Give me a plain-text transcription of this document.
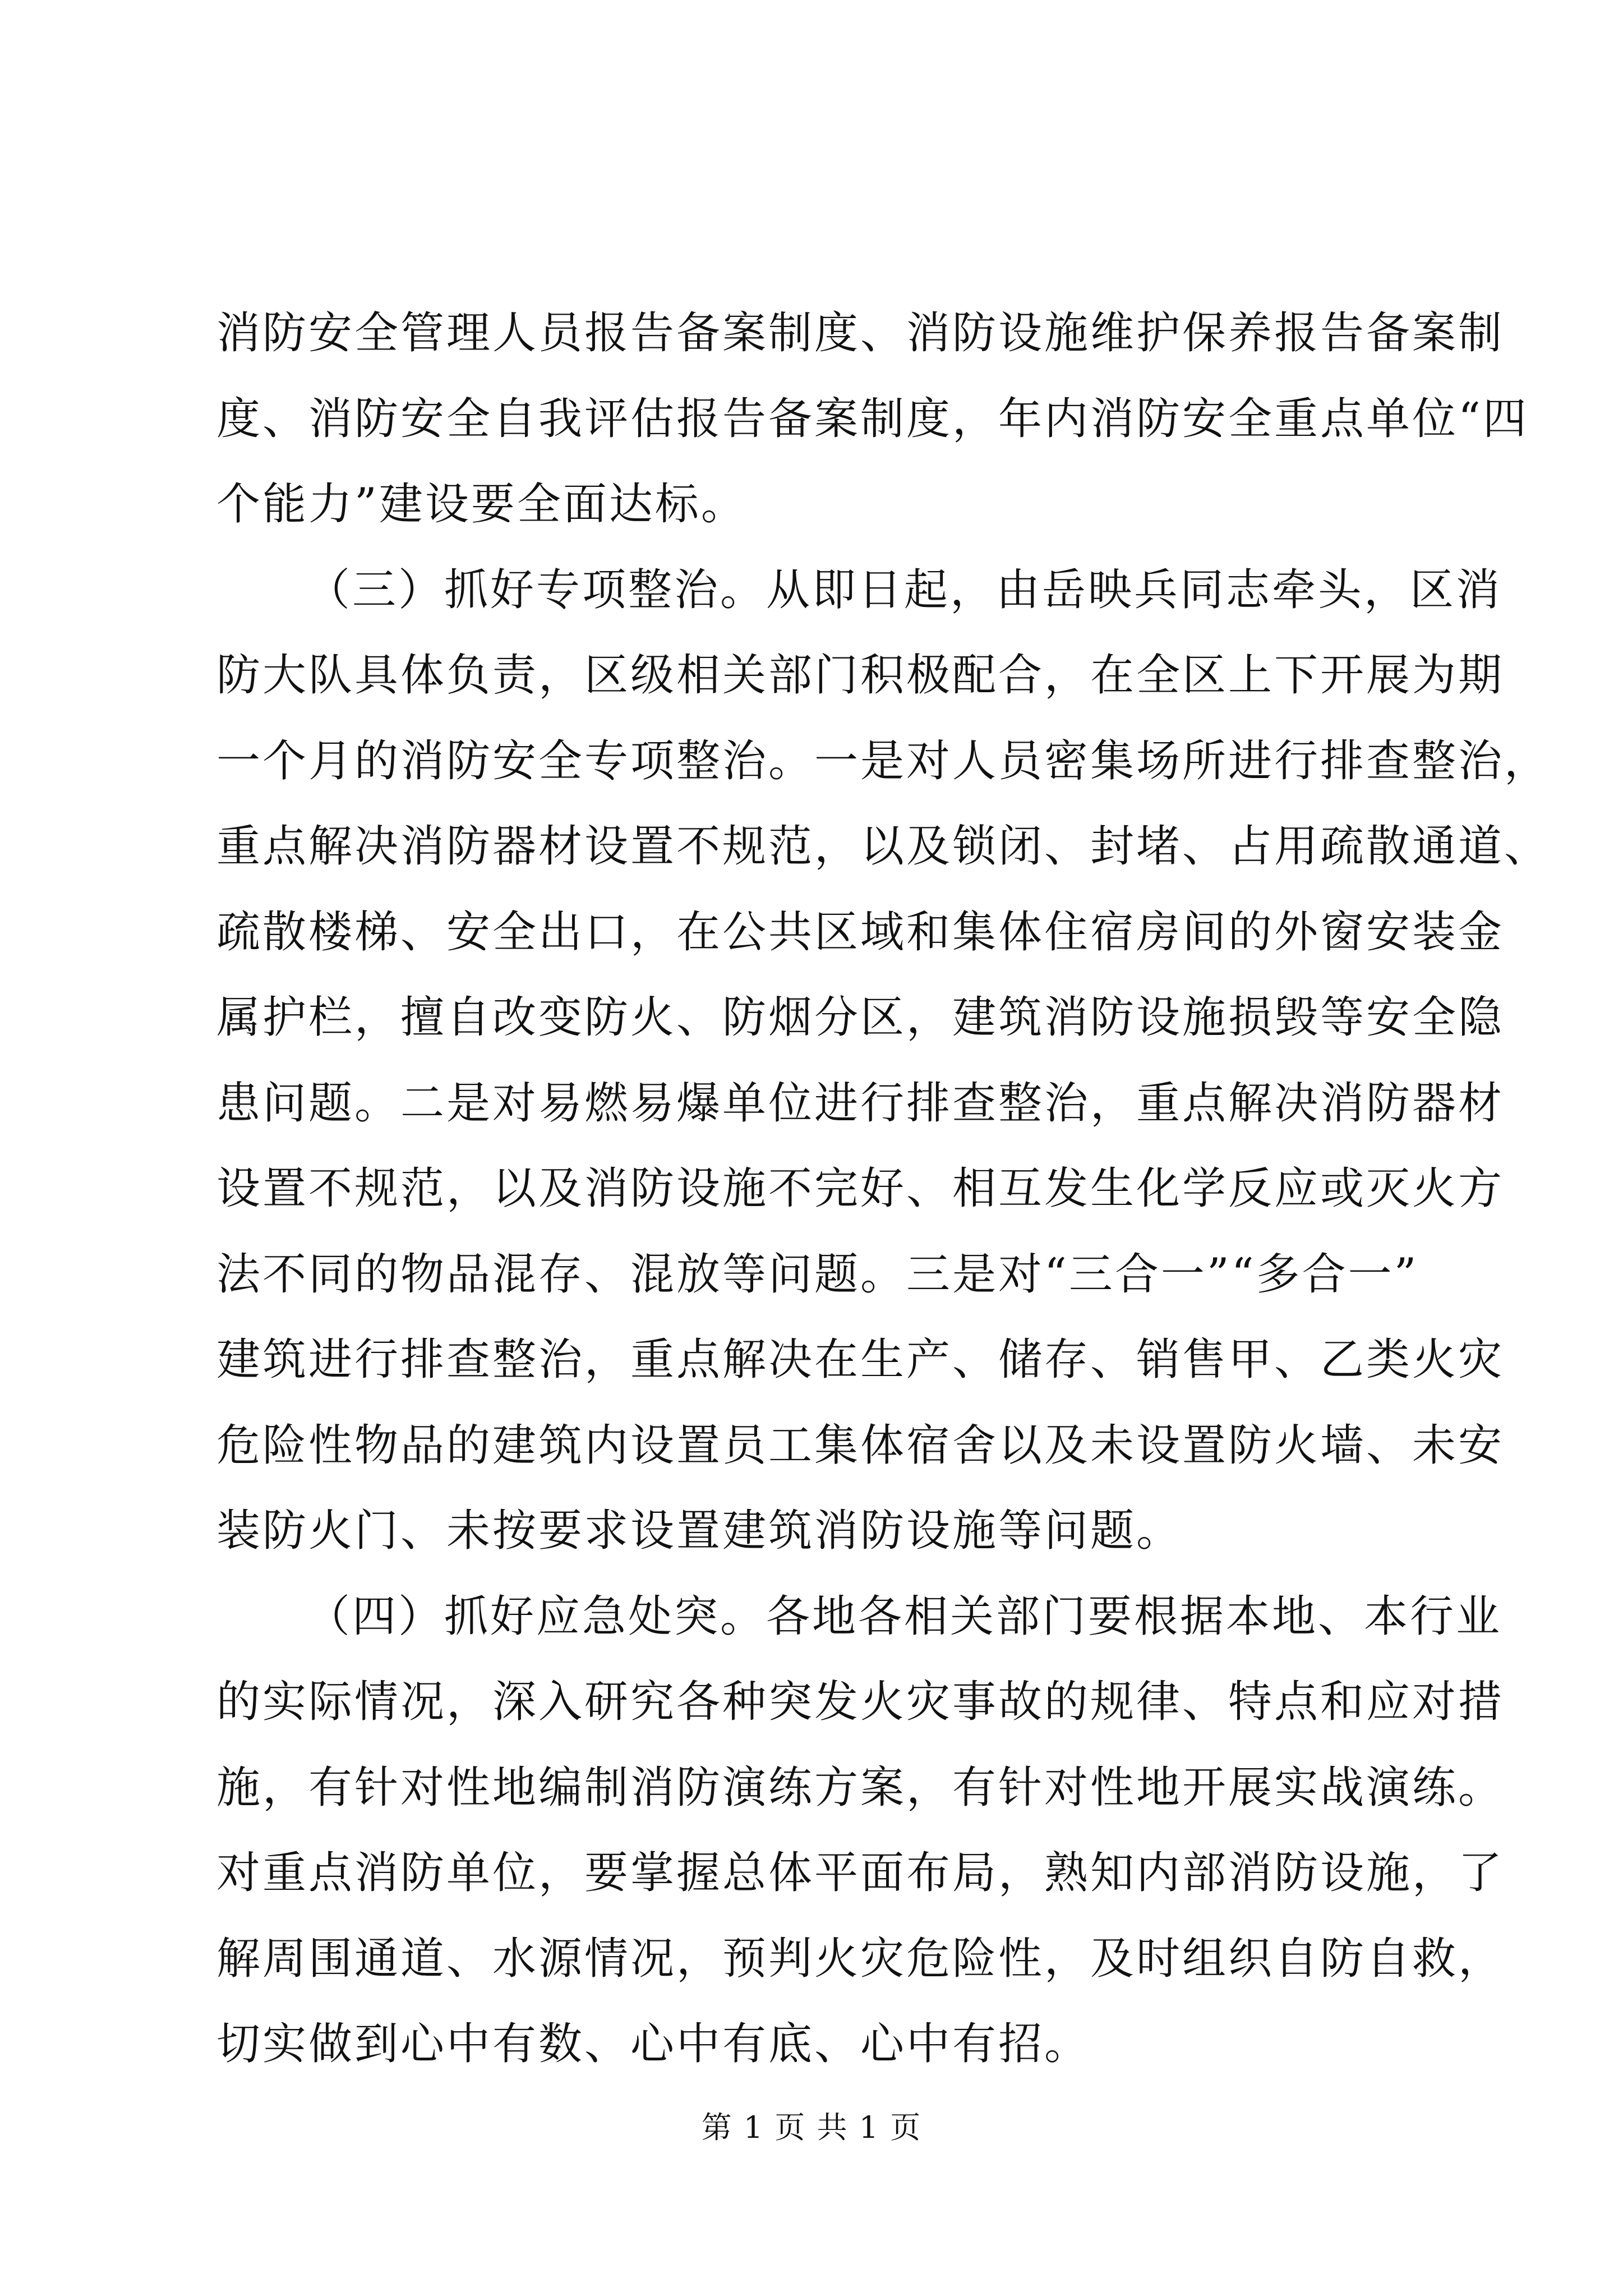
消防安全管理人员报告备案制度、消防设施维护保养报告备案制
度、消防安全自我评估报告备案制度，年内消防安全重点单位“四
个能力”建设要全面达标。
（三）抓好专项整治。从即日起，由岳映兵同志牵头，区消
防大队具体负责，区级相关部门积极配合，在全区上下开展为期
一个月的消防安全专项整治。一是对人员密集场所进行排查整治，
重点解决消防器材设置不规范，以及锁闭、封堵、占用疏散通道、
疏散楼梯、安全出口，在公共区域和集体住宿房间的外窗安装金
属护栏，擅自改变防火、防烟分区，建筑消防设施损毁等安全隐
患问题。二是对易燃易爆单位进行排查整治，重点解决消防器材
设置不规范，以及消防设施不完好、相互发生化学反应或灭火方
法不同的物品混存、混放等问题。三是对“三合一”“多合一”
建筑进行排查整治，重点解决在生产、储存、销售甲、乙类火灾
危险性物品的建筑内设置员工集体宿舍以及未设置防火墙、未安
装防火门、未按要求设置建筑消防设施等问题。
（四）抓好应急处突。各地各相关部门要根据本地、本行业
的实际情况，深入研究各种突发火灾事故的规律、特点和应对措
施，有针对性地编制消防演练方案，有针对性地开展实战演练。
对重点消防单位，要掌握总体平面布局，熟知内部消防设施，了
解周围通道、水源情况，预判火灾危险性，及时组织自防自救，
切实做到心中有数、心中有底、心中有招。
第 1 页 共 1 页
